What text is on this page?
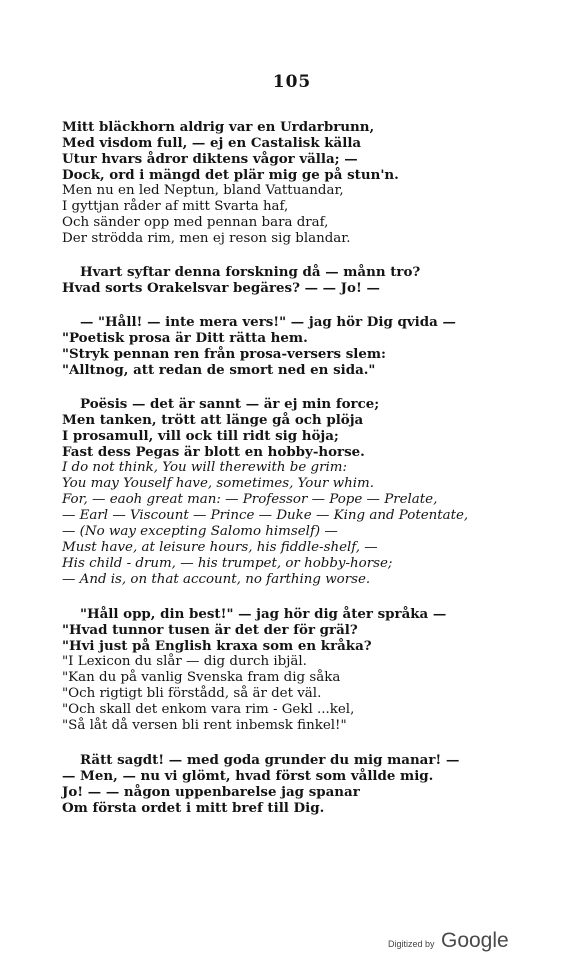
105
Mitt bläckhorn aldrig var en Urdarbrunn,
Med visdom full, — ej en Castalisk källa
Utur hvars ådror diktens vågor välla; —
Dock, ord i mängd det plär mig ge på stun'n.
Men nu en led Neptun, bland Vattuandar,
I gyttjan råder af mitt Svarta haf,
Och sänder opp med pennan bara draf,
Der strödda rim, men ej reson sig blandar.
Hvart syftar denna forskning då — månn tro?
Hvad sorts Orakelsvar begäres? — — Jo! —
— "Håll! — inte mera vers!" — jag hör Dig qvida —
"Poetisk prosa är Ditt rätta hem.
"Stryk pennan ren från prosa-versers slem:
"Alltnog, att redan de smort ned en sida."
Poësis — det är sannt — är ej min force;
Men tanken, trött att länge gå och plöja
I prosamull, vill ock till ridt sig höja;
Fast dess Pegas är blott en hobby-horse.
I do not think, You will therewith be grim:
You may Youself have, sometimes, Your whim.
For, — eaoh great man: — Professor — Pope — Prelate,
— Earl — Viscount — Prince — Duke — King and Potentate,
— (No way excepting Salomo himself) —
Must have, at leisure hours, his fiddle-shelf, —
His child - drum, — his trumpet, or hobby-horse;
— And is, on that account, no farthing worse.
"Håll opp, din best!" — jag hör dig åter språka —
"Hvad tunnor tusen är det der för gräl?
"Hvi just på English kraxa som en kråka?
"I Lexicon du slår — dig durch ibjäl.
"Kan du på vanlig Svenska fram dig såka
"Och rigtigt bli förstådd, så är det väl.
"Och skall det enkom vara rim - Gekl ...kel,
"Så låt då versen bli rent inbemsk finkel!"
Rätt sagdt! — med goda grunder du mig manar! —
— Men, — nu vi glömt, hvad först som vållde mig.
Jo! — — någon uppenbarelse jag spanar
Om första ordet i mitt bref till Dig.
Digitized by Google
